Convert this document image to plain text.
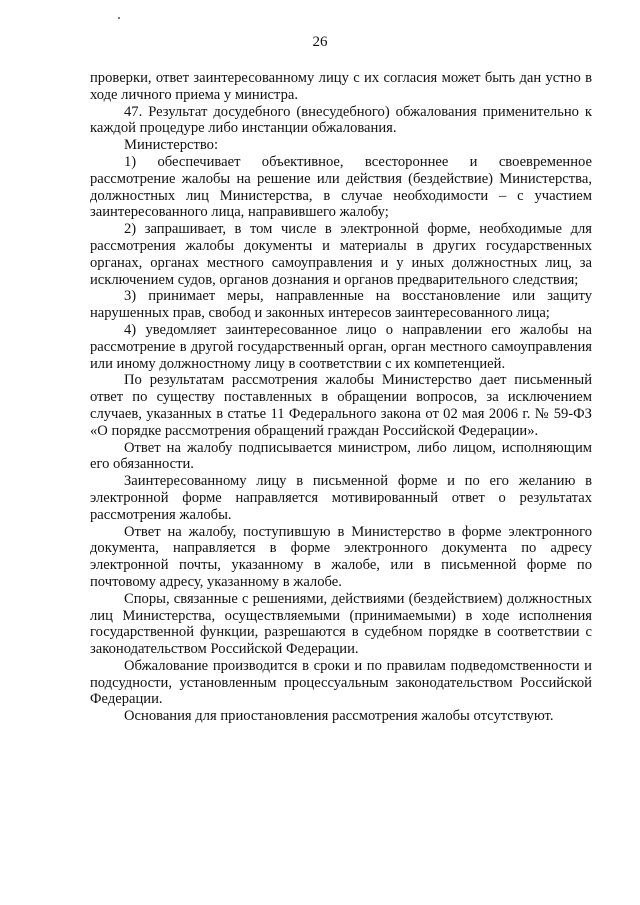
26

проверки, ответ заинтересованному лицу с их согласия может быть дан устно в ходе личного приема у министра.

47. Результат досудебного (внесудебного) обжалования применительно к каждой процедуре либо инстанции обжалования.

Министерство:

1) обеспечивает объективное, всестороннее и своевременное рассмотрение жалобы на решение или действия (бездействие) Министерства, должностных лиц Министерства, в случае необходимости – с участием заинтересованного лица, направившего жалобу;

2) запрашивает, в том числе в электронной форме, необходимые для рассмотрения жалобы документы и материалы в других государственных органах, органах местного самоуправления и у иных должностных лиц, за исключением судов, органов дознания и органов предварительного следствия;

3) принимает меры, направленные на восстановление или защиту нарушенных прав, свобод и законных интересов заинтересованного лица;

4) уведомляет заинтересованное лицо о направлении его жалобы на рассмотрение в другой государственный орган, орган местного самоуправления или иному должностному лицу в соответствии с их компетенцией.

По результатам рассмотрения жалобы Министерство дает письменный ответ по существу поставленных в обращении вопросов, за исключением случаев, указанных в статье 11 Федерального закона от 02 мая 2006 г. № 59-ФЗ «О порядке рассмотрения обращений граждан Российской Федерации».

Ответ на жалобу подписывается министром, либо лицом, исполняющим его обязанности.

Заинтересованному лицу в письменной форме и по его желанию в электронной форме направляется мотивированный ответ о результатах рассмотрения жалобы.

Ответ на жалобу, поступившую в Министерство в форме электронного документа, направляется в форме электронного документа по адресу электронной почты, указанному в жалобе, или в письменной форме по почтовому адресу, указанному в жалобе.

Споры, связанные с решениями, действиями (бездействием) должностных лиц Министерства, осуществляемыми (принимаемыми) в ходе исполнения государственной функции, разрешаются в судебном порядке в соответствии с законодательством Российской Федерации.

Обжалование производится в сроки и по правилам подведомственности и подсудности, установленным процессуальным законодательством Российской Федерации.

Основания для приостановления рассмотрения жалобы отсутствуют.
